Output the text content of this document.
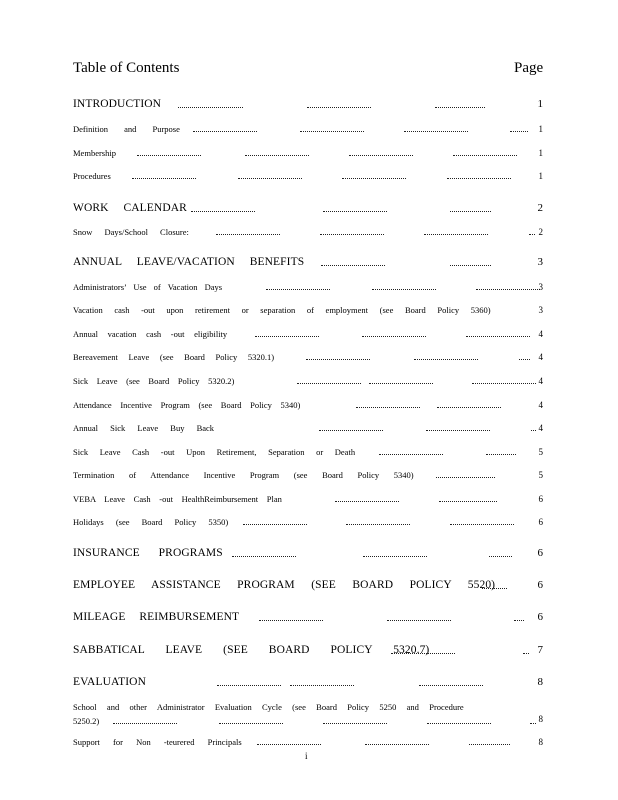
Table of Contents	Page
INTRODUCTION	1
Definition and Purpose	1
Membership	1
Procedures	1
WORK CALENDAR	2
Snow Days/School Closure:	2
ANNUAL LEAVE/VACATION BENEFITS	3
Administrators’ Use of Vacation Days	3
Vacation cash -out upon retirement or separation of employment (see Board Policy 5360)	3
Annual vacation cash -out eligibility	4
Bereavement Leave (see Board Policy 5320.1)	4
Sick Leave (see Board Policy 5320.2)	4
Attendance Incentive Program (see Board Policy 5340)	4
Annual Sick Leave Buy Back	4
Sick Leave Cash -out Upon Retirement, Separation or Death	5
Termination of Attendance Incentive Program (see Board Policy 5340)	5
VEBA Leave Cash -out HealthReimbursement Plan	6
Holidays (see Board Policy 5350)	6
INSURANCE PROGRAMS	6
EMPLOYEE ASSISTANCE PROGRAM (SEE BOARD POLICY 5520)	6
MILEAGE REIMBURSEMENT	6
SABBATICAL LEAVE (SEE BOARD POLICY 5320.7)	7
EVALUATION	8
School and other Administrator Evaluation Cycle (see Board Policy 5250 and Procedure
5250.2)	8
Support for Non -teurered Principals	8
i
